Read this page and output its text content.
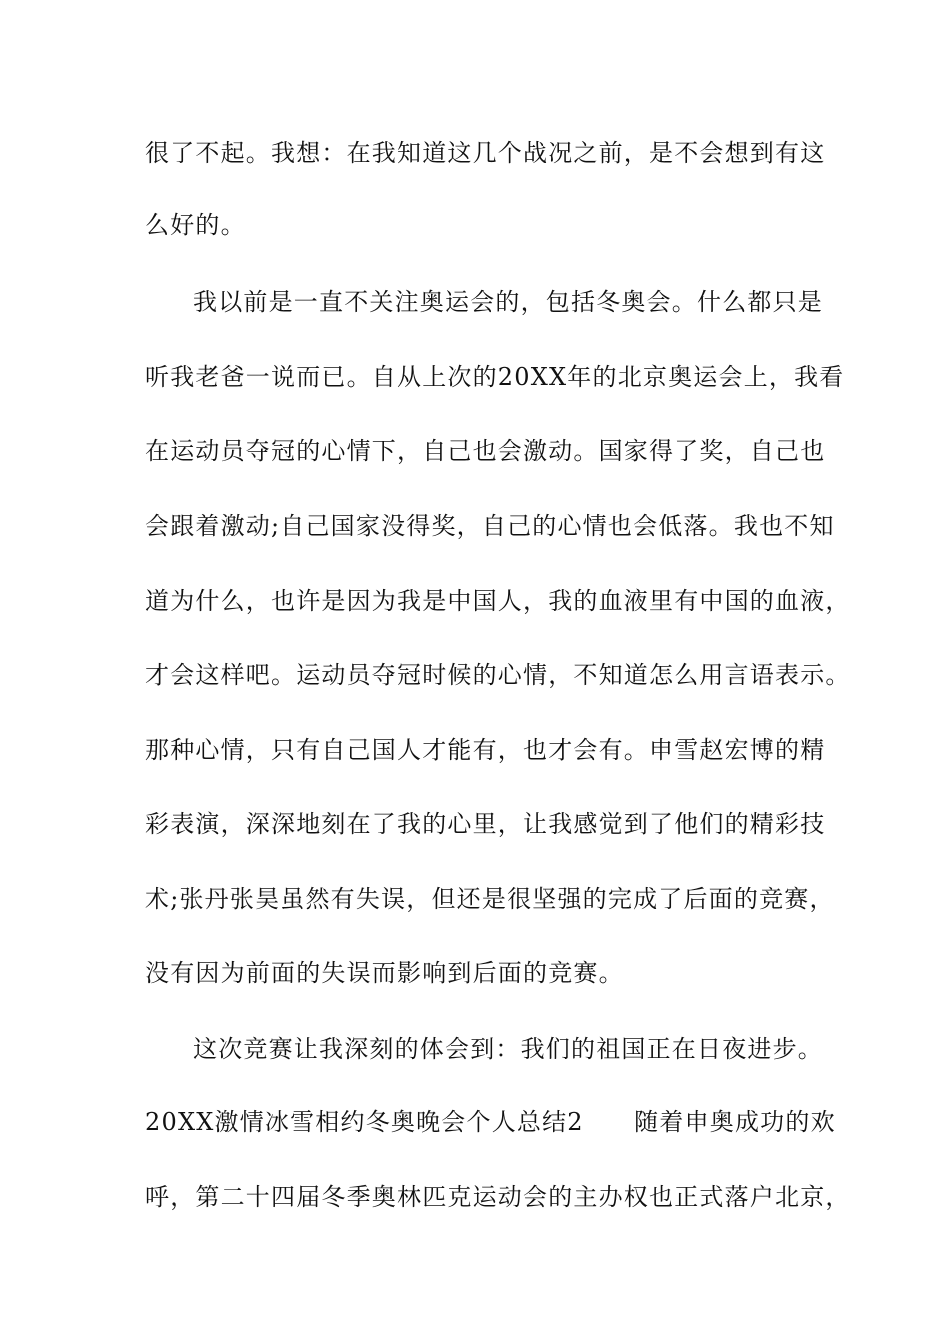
很了不起。我想：在我知道这几个战况之前，是不会想到有这
么好的。
我以前是一直不关注奥运会的，包括冬奥会。什么都只是
听我老爸一说而已。自从上次的20XX年的北京奥运会上，我看
在运动员夺冠的心情下，自己也会激动。国家得了奖，自己也
会跟着激动;自己国家没得奖，自己的心情也会低落。我也不知
道为什么，也许是因为我是中国人，我的血液里有中国的血液，
才会这样吧。运动员夺冠时候的心情，不知道怎么用言语表示。
那种心情，只有自己国人才能有，也才会有。申雪赵宏博的精
彩表演，深深地刻在了我的心里，让我感觉到了他们的精彩技
术;张丹张昊虽然有失误，但还是很坚强的完成了后面的竞赛，
没有因为前面的失误而影响到后面的竞赛。
这次竞赛让我深刻的体会到：我们的祖国正在日夜进步。
20XX激情冰雪相约冬奥晚会个人总结2　　随着申奥成功的欢
呼，第二十四届冬季奥林匹克运动会的主办权也正式落户北京，
